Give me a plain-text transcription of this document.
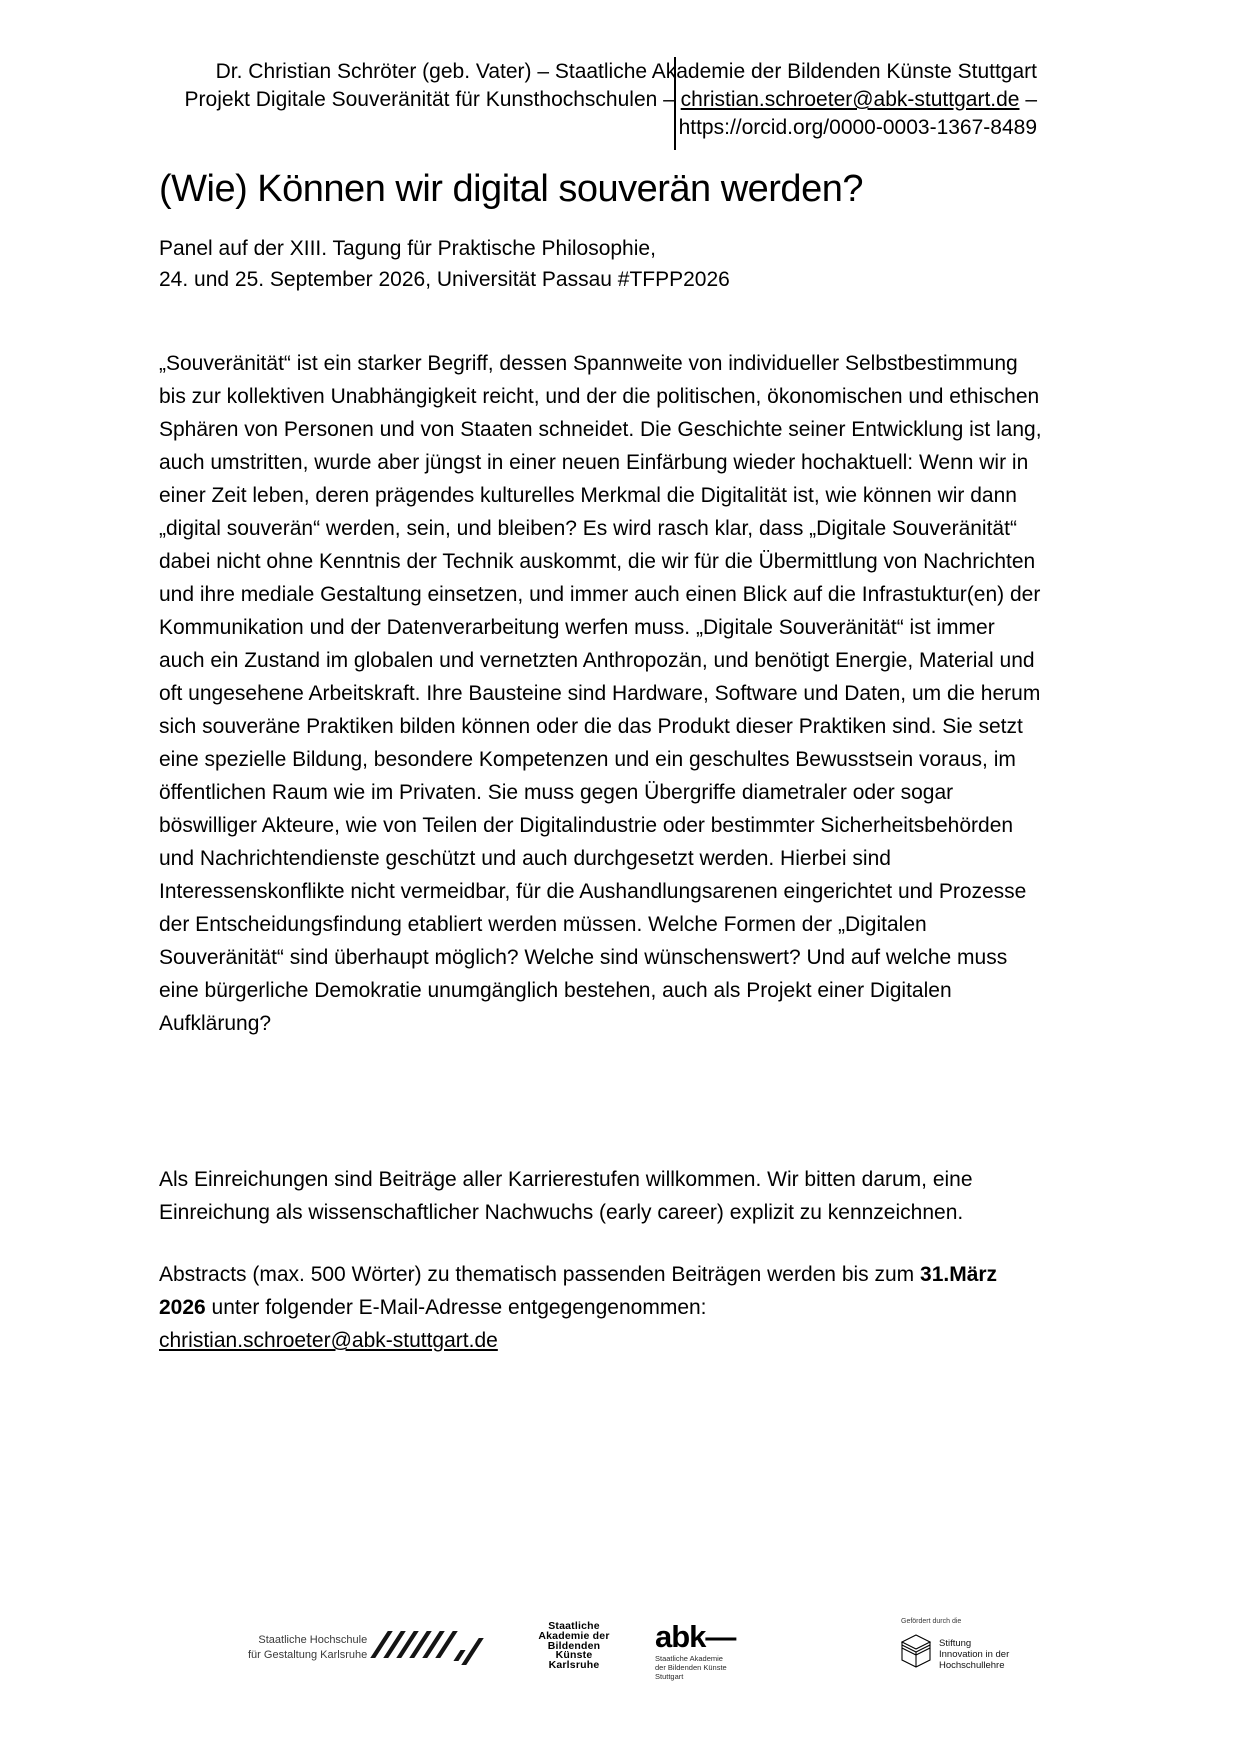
Dr. Christian Schröter (geb. Vater) – Staatliche Akademie der Bildenden Künste Stuttgart
Projekt Digitale Souveränität für Kunsthochschulen – christian.schroeter@abk-stuttgart.de –
https://orcid.org/0000-0003-1367-8489
(Wie) Können wir digital souverän werden?
Panel auf der XIII. Tagung für Praktische Philosophie,
24. und 25. September 2026, Universität Passau #TFPP2026

„Souveränität“ ist ein starker Begriff, dessen Spannweite von individueller Selbstbestimmung bis zur kollektiven Unabhängigkeit reicht, und der die politischen, ökonomischen und ethischen Sphären von Personen und von Staaten schneidet. Die Geschichte seiner Entwicklung ist lang, auch umstritten, wurde aber jüngst in einer neuen Einfärbung wieder hochaktuell: Wenn wir in einer Zeit leben, deren prägendes kulturelles Merkmal die Digitalität ist, wie können wir dann „digital souverän“ werden, sein, und bleiben? Es wird rasch klar, dass „Digitale Souveränität“ dabei nicht ohne Kenntnis der Technik auskommt, die wir für die Übermittlung von Nachrichten und ihre mediale Gestaltung einsetzen, und immer auch einen Blick auf die Infrastuktur(en) der Kommunikation und der Datenverarbeitung werfen muss. „Digitale Souveränität“ ist immer auch ein Zustand im globalen und vernetzten Anthropozän, und benötigt Energie, Material und oft ungesehene Arbeitskraft. Ihre Bausteine sind Hardware, Software und Daten, um die herum sich souveräne Praktiken bilden können oder die das Produkt dieser Praktiken sind. Sie setzt eine spezielle Bildung, besondere Kompetenzen und ein geschultes Bewusstsein voraus, im öffentlichen Raum wie im Privaten. Sie muss gegen Übergriffe diametraler oder sogar böswilliger Akteure, wie von Teilen der Digitalindustrie oder bestimmter Sicherheitsbehörden und Nachrichtendienste geschützt und auch durchgesetzt werden. Hierbei sind Interessenskonflikte nicht vermeidbar, für die Aushandlungsarenen eingerichtet und Prozesse der Entscheidungsfindung etabliert werden müssen. Welche Formen der „Digitalen Souveränität“ sind überhaupt möglich? Welche sind wünschenswert? Und auf welche muss eine bürgerliche Demokratie unumgänglich bestehen, auch als Projekt einer Digitalen Aufklärung?

Als Einreichungen sind Beiträge aller Karrierestufen willkommen. Wir bitten darum, eine Einreichung als wissenschaftlicher Nachwuchs (early career) explizit zu kennzeichnen.

Abstracts (max. 500 Wörter) zu thematisch passenden Beiträgen werden bis zum 31.März 2026 unter folgender E-Mail-Adresse entgegengenommen:
christian.schroeter@abk-stuttgart.de

Staatliche Hochschule
für Gestaltung Karlsruhe
Staatliche
Akademie der
Bildenden
Künste
Karlsruhe
abk—
Staatliche Akademie
der Bildenden Künste
Stuttgart
Gefördert durch die
Stiftung
Innovation in der
Hochschullehre
